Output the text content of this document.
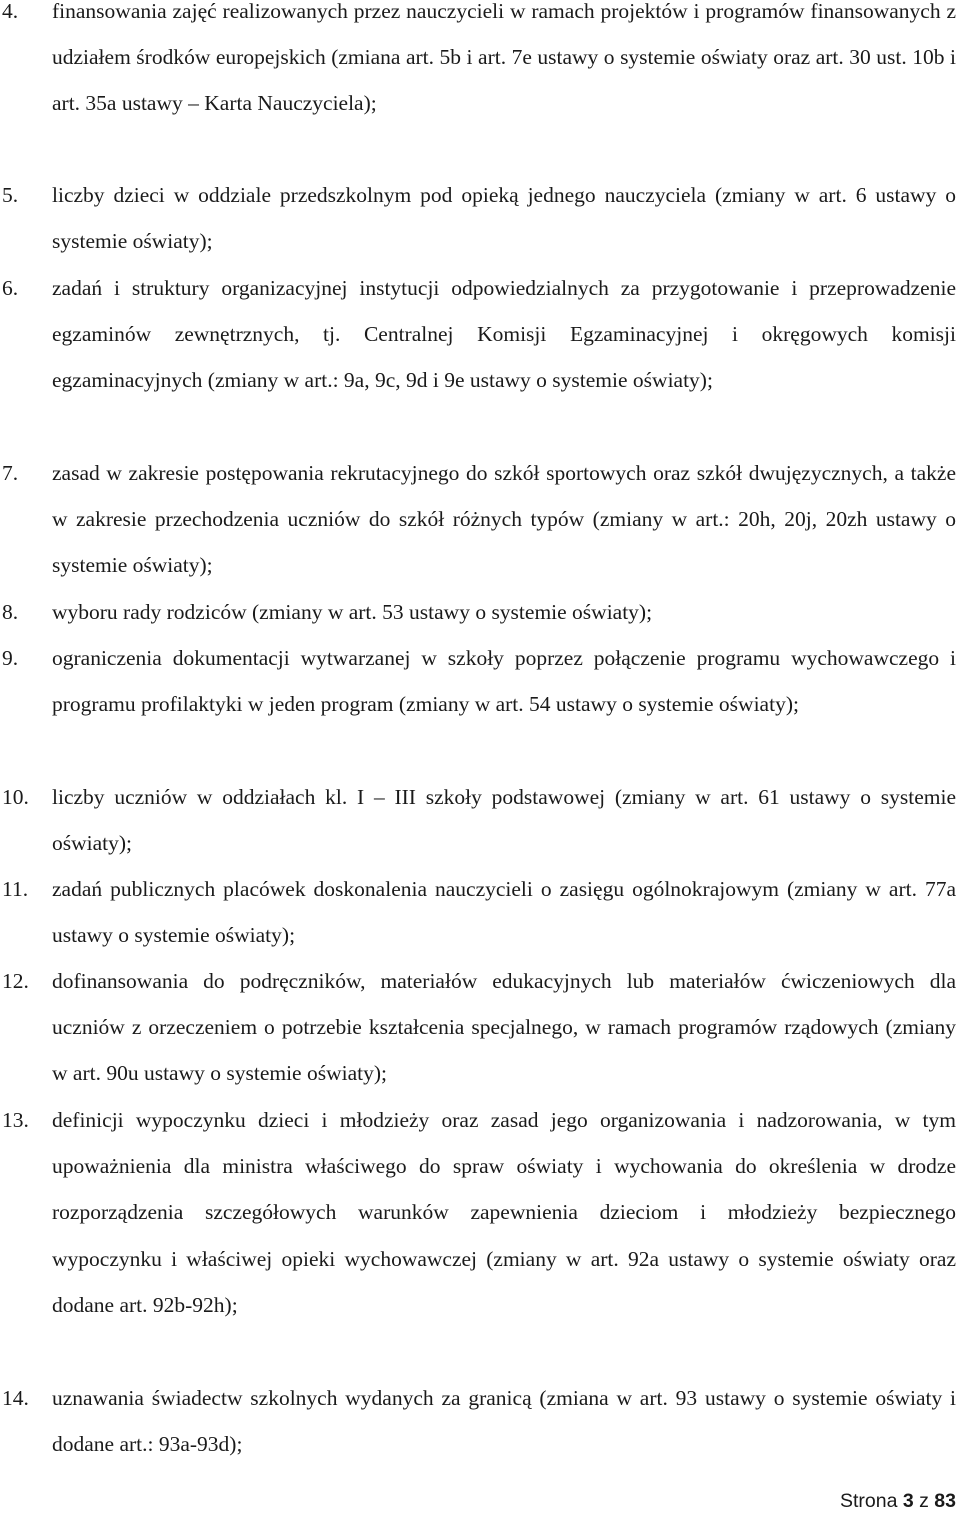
4. finansowania zajęć realizowanych przez nauczycieli w ramach projektów i programów finansowanych z udziałem środków europejskich (zmiana art. 5b i art. 7e ustawy o systemie oświaty oraz art. 30 ust. 10b i art. 35a ustawy – Karta Nauczyciela);
5. liczby dzieci w oddziale przedszkolnym pod opieką jednego nauczyciela (zmiany w art. 6 ustawy o systemie oświaty);
6. zadań i struktury organizacyjnej instytucji odpowiedzialnych za przygotowanie i przeprowadzenie egzaminów zewnętrznych, tj. Centralnej Komisji Egzaminacyjnej i okręgowych komisji egzaminacyjnych (zmiany w art.: 9a, 9c, 9d i 9e ustawy o systemie oświaty);
7. zasad w zakresie postępowania rekrutacyjnego do szkół sportowych oraz szkół dwujęzycznych, a także w zakresie przechodzenia uczniów do szkół różnych typów (zmiany w art.: 20h, 20j, 20zh ustawy o systemie oświaty);
8. wyboru rady rodziców (zmiany w art. 53 ustawy o systemie oświaty);
9. ograniczenia dokumentacji wytwarzanej w szkoły poprzez połączenie programu wychowawczego i programu profilaktyki w jeden program (zmiany w art. 54 ustawy o systemie oświaty);
10. liczby uczniów w oddziałach kl. I – III szkoły podstawowej (zmiany w art. 61 ustawy o systemie oświaty);
11. zadań publicznych placówek doskonalenia nauczycieli o zasięgu ogólnokrajowym (zmiany w art. 77a ustawy o systemie oświaty);
12. dofinansowania do podręczników, materiałów edukacyjnych lub materiałów ćwiczeniowych dla uczniów z orzeczeniem o potrzebie kształcenia specjalnego, w ramach programów rządowych (zmiany w art. 90u ustawy o systemie oświaty);
13. definicji wypoczynku dzieci i młodzieży oraz zasad jego organizowania i nadzorowania, w tym upoważnienia dla ministra właściwego do spraw oświaty i wychowania do określenia w drodze rozporządzenia szczegółowych warunków zapewnienia dzieciom i młodzieży bezpiecznego wypoczynku i właściwej opieki wychowawczej (zmiany w art. 92a ustawy o systemie oświaty oraz dodane art. 92b-92h);
14. uznawania świadectw szkolnych wydanych za granicą (zmiana w art. 93 ustawy o systemie oświaty i dodane art.: 93a-93d);
Strona 3 z 83
